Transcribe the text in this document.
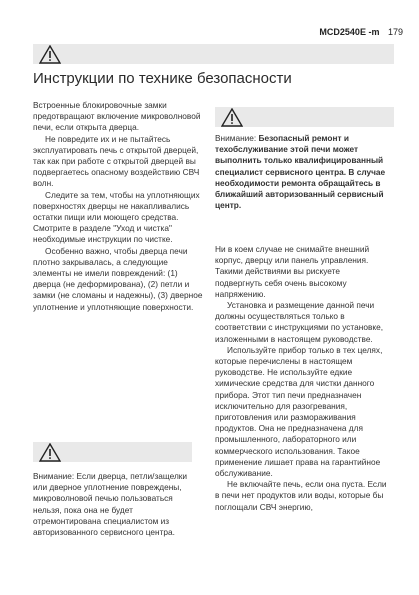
MCD2540E -m 179
Инструкции по технике безопасности

Встроенные блокировочные замки предотвращают включение микроволновой печи, если открыта дверца.

Не повредите их и не пытайтесь эксплуатировать печь с открытой дверцей, так как при работе с открытой дверцей вы подвергаетесь опасному воздействию СВЧ волн.

Следите за тем, чтобы на уплотняющих поверхностях дверцы не накапливались остатки пищи или моющего средства. Смотрите в разделе "Уход и чистка" необходимые инструкции по чистке.

Особенно важно, чтобы дверца печи плотно закрывалась, а следующие элементы не имели повреждений: (1) дверца (не деформирована), (2) петли и замки (не сломаны и надежны), (3) дверное уплотнение и уплотняющие поверхности.

Внимание: Если дверца, петли/защелки или дверное уплотнение повреждены, микроволновой печью пользоваться нельзя, пока она не будет отремонтирована специалистом из авторизованного сервисного центра.

Внимание: Безопасный ремонт и техобслуживание этой печи может выполнить только квалифицированный специалист сервисного центра. В случае необходимости ремонта обращайтесь в ближайший авторизованный сервисный центр.

Ни в коем случае не снимайте внешний корпус, дверцу или панель управления. Такими действиями вы рискуете подвергнуть себя очень высокому напряжению.

Установка и размещение данной печи должны осуществляться только в соответствии с инструкциями по установке, изложенными в настоящем руководстве.

Используйте прибор только в тех целях, которые перечислены в настоящем руководстве. Не используйте едкие химические средства для чистки данного прибора. Этот тип печи предназначен исключительно для разогревания, приготовления или размораживания продуктов. Она не предназначена для промышленного, лабораторного или коммерческого использования. Такое применение лишает права на гарантийное обслуживание.

Не включайте печь, если она пуста. Если в печи нет продуктов или воды, которые бы поглощали СВЧ энергию,
